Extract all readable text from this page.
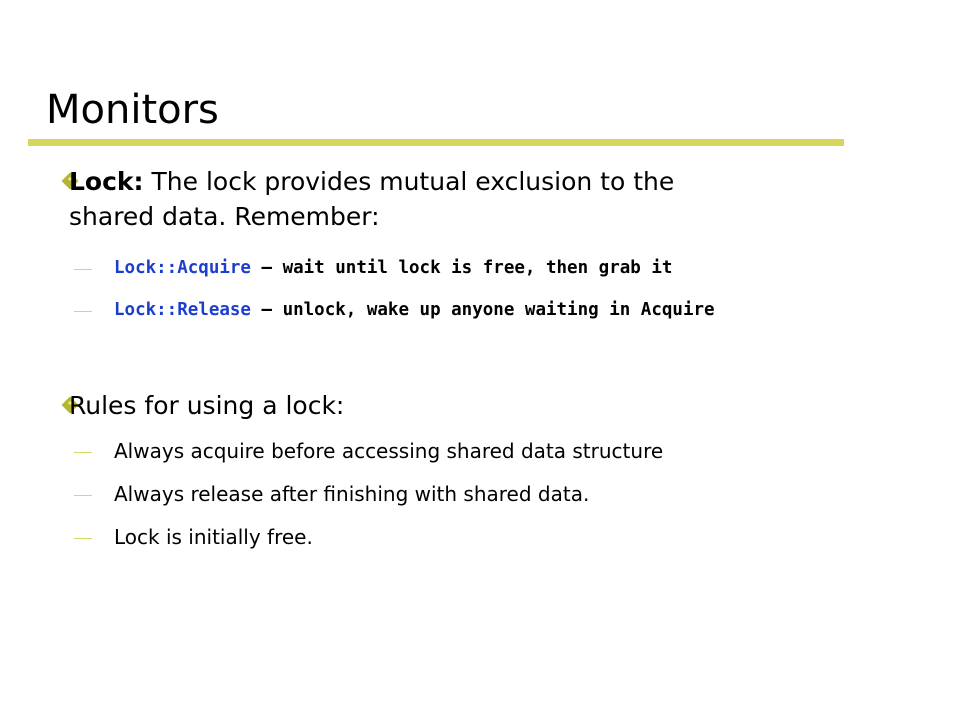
Monitors
Lock: The lock provides mutual exclusion to the
shared data. Remember:
Lock::Acquire – wait until lock is free, then grab it
Lock::Release – unlock, wake up anyone waiting in Acquire
Rules for using a lock:
Always acquire before accessing shared data structure
Always release after finishing with shared data.
Lock is initially free.
